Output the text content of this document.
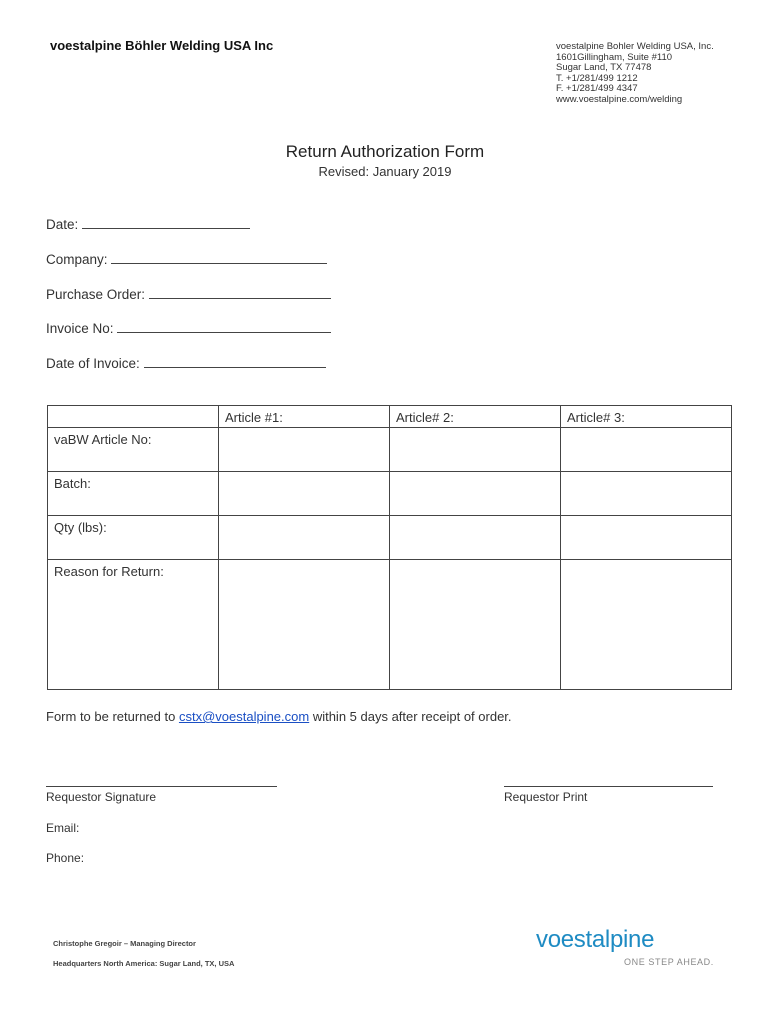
voestalpine Böhler Welding USA Inc	voestalpine Bohler Welding USA, Inc.
1601Gillingham, Suite #110
Sugar Land, TX 77478
T. +1/281/499 1212
F. +1/281/499 4347
www.voestalpine.com/welding
Return Authorization Form
Revised: January 2019
Date:
Company:
Purchase Order:
Invoice No:
Date of Invoice:

	Article #1:	Article# 2:	Article# 3:

vaBW Article No:			

Batch:			

Qty (lbs):			

Reason for Return:			

Form to be returned to cstx@voestalpine.com within 5 days after receipt of order.
Requestor Signature	Requestor Print
Email:
Phone:
Christophe Gregoir – Managing Director
Headquarters North America: Sugar Land, TX, USA
voestalpine
ONE STEP AHEAD.
